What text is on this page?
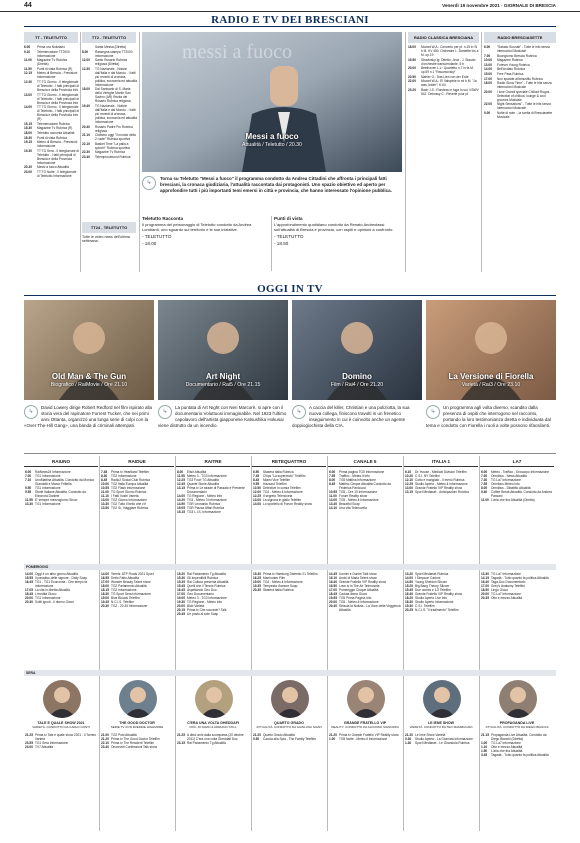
44	Venerdì 19 novembre 2021 · GIORNALE DI BRESCIA
RADIO E TV DEI BRESCIANI
TT - TELETUTTO	TT2 - TELETUTTO
6.00	Prima ora Notiziario
9.10	Telemercatone TT2000 Informazione
11.00	Magazine Tv Rubrica (Diretta)
11.50	Punti di vista Rubrica (R)
12.15	Meteo di Brescia - Previsioni Informazione
12.30	TT TG Giorno - Il telegiornale di Teletutto - I fatti principali di Brescia e della Provincia Info
13.00	TT TG Giorno - Il telegiornale di Teletutto - I fatti principali di Brescia e della Provincia Info
14.00	TT TG Giorno - Il telegiornale di Teletutto - I fatti principali di Brescia e della Provincia Info (R)
15.15	Telemercatone Rubrica
15.30	Magazine Tv Rubrica (R)
18.00	Teletutto racconta Attualità
18.30	Punti di vista Rubrica
19.15	Meteo di Brescia - Previsioni Informazione
19.30	TT TG Sera - Il telegiornale di Teletutto - I fatti principali di Brescia e della Provincia Informazione
20.30	Messi a fuoco Attualità
23.00	TT TG Notte - Il telegiornale di Teletutto Informazione
Santa Messa (Diretta)
8.00	Rassegna stampa TT2000 Informazione
12.00	Santo Rosario Rubrica religiosa (Diretta)
12.30	TG Nazionale - Notizie dall'Italia e dal Mondo - I fatti più recenti di cronaca, politica, economia ed attualità Informazione
18.00	Dal Santuario di S. Maria della Vertighe Monte San Savino (AR) Recita del Rosario Rubrica religiosa
19.40	TG Nazionale - Notizie dall'Italia e dal Mondo - I fatti più recenti di cronaca, politica, economia ed attualità Informazione
20.40	Rosario Padre Pio Rubrica religiosa
21.10	Ciclismo oggi "Il mondo della 2 ruote" Rubrica sportiva
22.10	Basket Time "La palla a spicchi" Rubrica sportiva
22.30	Magazine Tv Rubrica
23.40	Telempruuimood Rubrica
TT24 - TELETUTTO
Tutte le video news dell'ultima settimana.
messi a fuoco
Messi a fuoco
Attualità / Teletutto / 20.30
↳
Torna su Teletutto "Messi a fuoco" il programma condotto da Andrea Cittadini che affronta i principali fatti bresciani, la cronaca giudiziaria, l'attualità raccontata dai protagonisti. Uno spazio obiettivo ed aperto per approfondire tutti i più importanti temi emersi in città e provincia, che hanno interessato l'opinione pubblica.
Teletutto Racconta
Il programma del personaggio di Teletutto condotto da Andrea Lombardi, uno sguardo sul territorio e le sue iniziative.
- TELETUTTO
- 18.00
Punti di vista
L'approfondimento quotidiano condotto da Renato Andreolassi sull'attualità di Brescia e provincia, con ospiti e opinioni a confronto.
- TELETUTTO
- 18.50
RADIO CLASSICA BRESCIANA	RADIO BRESCIASETTE
18.00	Mozart W.A.: Concerto per pf. n.15 in Si b M. KV 450. Orchestre L. Dantette ins a M. op.19
19.50	Stravinsky Ig: Ottetto; Jeux - J. Staudo d'orchestre transcendante, 5 tr
20.00	Beethoven L.v.: Quartetto n.7 in fa M. op.59 n.1 "Rasumovsky"
20.50	Mahler G.: Das Lied von der Erde
22.00	Mozart W.A.: El Valspiele in mi b M. "Ja was, leider"; K.64
23.20	Bach J.S.: Rondeau e fuga in sol, il BWV 542. Debussy C.: Reverie pour pf.
6.00	"Sabato Suonati" - Tutte le info senza interruzioni Musicale
7.00	Buongiorno Brescia Rubrica
10.00	Magazine Rubrica
13.00	Forever Young Rubrica
14.00	Bell'Andato Rubrica
15.00	Free Pass Rubrica
17.00	Non sparate all'amusfilo Rubrica
18.00	Radio Show Time" - Tutte le hits senza interruzioni Musicale
20.00	I love Grandi speciale Chillout Rugos - Selection of chillout, lounge & cool grooves Musicale
22.00	Night Sensations" - Tutte le hits senza interruzioni Musicale
0.00	Notte di note... la scelta di Bresciasette Musicale
OGGI IN TV
Old Man & The Gun
Biografico / RaiMovie / Ore 21.10
↳
David Lowery dirige Robert Redford nel film ispirato alla storia vera del rapinatore Forrest Tucker, che nei primi anni Ottanta, organizzò una lunga serie di colpi con la «Over The-Hill Gang», una banda di criminali attempati.
Art Night
Documentario / Rai5 / Ore 21.15
↳
La puntata di Art Night con Neri Marcorè, si apre con il documentario Voluttuosi immaginabile. Nel 1923 l'ultimo capolavoro dell'artista giapponese Katsushika Hokusai viene distrutto da un incendio.
Domino
Film / Rai4 / Ore 21.20
↳
A caccia del killer, Christian e una poliziotta, la sua nuova collega, finiscono travolti in un frenetico inseguimento in cui è coinvolto anche un agente doppiogiochista della CIA.
La Versione di Fiorella
Varietà / Rai3 / Ore 23.10
↳
Un programma agli volta diverso, scandito dalla presenza di ospiti che interrogono nel racconto, portando la loro testimonianza diretta e individuata dal tema e condotto con Fiorella i ruoli a volte possono rifacsilanti.
RAIUNO	RAIDUE	RAITRE	RETEQUATTRO	CANALE 5	ITALIA 1	LA7
6.00	RaiNews24 Informazione
7.00	TG1 Informazione
7.10	UnoMattina Attualità. Condotto da Monica Giandotti e Marco Frittella
9.50	TG1 Informazione
9.55	Storie Italiane Attualità. Condotto da Eleonora Daniele
11.55 E' sempre mezzogiorno Show
13.30 TG1 Informazione
7.45	Prima tv Heartland Telefilm
8.30	TG2 Informazione
8.45	Radio2 Social Club Rubrica
10.00 TG2 Italia Europa Attualità
10.55 TG2 Flash Informazione
11.00 TG Sport Giorno Rubrica
11.10 I Fatti Vostri Varietà
13.00 TG2 Giorno Informazione
13.30 TG2 Tutto il bello che c'è
13.50 TG2 Sì, Viaggiare Rubrica
8.00	Elisir Attualità
11.55 Meteo 3 - TG3 Informazione
12.25 TG3 Fuori TG Attualità
12.45 Quante Storie Attualità
13.15 Prima tv Le strade di Passato e Presente Documentario
14.00 TG Regione - Meteo Info
14.20 TG3 - Meteo 3 Informazione
14.50 TGR Leonardo Rubrica
15.05 TGR Piazza Affari Rubrica
15.15 TG3 L.I.S. Informazione
6.50	Stasera Italia Rubrica
7.45	Chips "La supermoto" Telefilm
8.45	Miami Vice Telefilm
9.55	Hazzard Telefilm
10.50 Detective in corsia Telefilm
12.00 TG4 - Meteo.it Informazione
12.25 Il segreto Telenovela
13.00 La signora in giallo Telefilm
14.00 Lo sportello di Forum Reality show
6.00	Prima pagina TG5 Informazione
7.55	Traffico - Meteo.it Info
8.00	TG5 Mattina Informazione
8.45	Mattino Cinque Attualità Condotto da Federica Panicucci
10.55 TG5 - Ore 10 Informazione
11.00 Forum Reality show
13.00 TG5 - Meteo.it Informazione
13.40 Beautiful Soap
14.10 Una vita Telenovela
6.10	Dr. House - Medical Division Telefilm
10.20 C.S.I. NY Telefilm
12.10 Cotto e mangiato - Il menù Rubrica
12.25 Studio Aperto - Meteo.it Informazione
13.00 Grande Fratello VIP Reality show
13.15 Sport Mediaset - Anticipazioni Rubrica
6.00	Meteo - Traffico - Oroscopo Informazione
7.00	Omnibus - News Attualità
7.30	TG La7 Informazione
7.55	Omnibus Meteo Info
8.00	Omnibus - Dibattito Attualità
9.40	Coffee Break Attualità. Condotto da Andrea Pancani
11.00 L'aria che tira Attualità (Diretta)
POMERIGGIO
14.00 Oggi è un altro giorno Attualità
15.55 Il paradiso delle signore - Daily Soap
16.45 TG1 - TG1 Economia - Che tempo fa Informazione
17.05 La vita in diretta Attualità
18.45 L'eredità Gioco
20.00 TG1 Informazione
20.30 Soliti ignoti - Il ritorno Gioco
14.00 Tennis. ATP Finals 2021 Sport
16.55 Detto Fatto Attualità
17.00 Wonder Beauty Talent show
18.00 TG2 Parlamento Attualità
18.15 TG2 Informazione
18.30 TG Sport Sera Informazione
19.00 Blue Bloods Telefilm
19.45 N.C.I.S. Telefilm
20.30 TG2 - 20.30 Informazione
15.20 Rai Parlamento Tg Attualità
15.30 Gli imperdibili Rubrica
15.35 Rai Cultura presenta Attualità
15.45 Quelli che il Tennis Rubrica
16.45 Aspettando Geo Doc.
17.00 Geo Documentario
19.00 Meteo 3 - TG3 Informazione
19.30 TG Regione - Meteo Info
20.00 Blob Varietà
20.15 Prima tv Che succede? Talk
20.45 Un posto al sole Soap
15.30 Prima tv Hamburg Distretto 21 Telefilm
16.25 Manhunter Film
19.00 TG4 - Meteo.it Informazione
19.35 Tempesta d'amore Soap
20.30 Stasera Italia Rubrica
14.45 Uomini e Donne Talk show
16.10 Amici di Maria Talent show
16.40 Grande Fratello VIP Reality show
16.50 Love is in The Air Telenovela
17.00 Pomeriggio Cinque Attualità
18.45 Caduta libera Gioco
19.55 TG5 Prima Pagina Info
20.00 TG5 - Meteo.it Informazione
20.40 Striscia la Notizia - La Voce della Veggenza Attualità
13.20 Sport Mediaset Rubrica
14.00 I Simpson Cartoni
14.50 Young Sheldon Sitcom
15.20 Big Bang Theory Sitcom
15.45 Due uomini e 1/2 Telefilm
16.40 Grande Fratello VIP Reality show
18.20 Studio Aperto Live Info
18.30 Studio Aperto Informazione
19.30 C.S.I. Telefilm
20.25 N.C.I.S. "Il tradimento" Telefilm
13.30 TG La7 Informazione
14.15 Tagadà - Tutto quanto fa politica Attualità
16.40 Taga-Doc Documentario
17.00 Grey's Anatomy Telefilm
18.50 Lingo Gioco
20.00 TG La7 Informazione
20.35 Otto e mezzo Attualità
SERA
TALE E QUALE SHOW 2021
VARIETÀ. CONDOTTO DA CARLO CONTI
THE GOOD DOCTOR
SERIE TV CON FREDDIE HIGHMORE
C'ERA UNA VOLTA GHEDDAFI
DOC. DI DAVID & ADRIANO STILL
QUARTO GRADO
ATTUALITÀ. CONDOTTO DA GIANLUIGI NUZZI
GRANDE FRATELLO VIP
REALITY. CONDOTTO DA ALFONSO SIGNORINI
LE IENE SHOW
VARIETÀ. CONDOTTO DA TEO MAMMUCARI
PROPAGANDA LIVE
ATTUALITÀ. CONDOTTO DA DIEGO BIANCHI
21.25 Prima tv Tale e quale show 2021 - Il Torneo Varietà
23.55 TG1 Sera Informazione
24.00 TV7 Attualità
21.00 TG2 Post Attualità
21.20 Prima tv The Good Doctor Telefilm
22.10 Prima tv The Resident Telefilm
23.40 Onorevoli Confessioni Talk show
21.25 A dieci anni dalla scomparsa (20 ottobre 2011) C'era una volta Gheddafi Doc.
23.15 Rai Parlamento Tg Attualità
21.20 Quarto Grado Attualità
0.50	Caccia alla Spia - The Family Telefilm
21.20 Prima tv Grande Fratello VIP Reality show
1.00	TG5 Notte - Meteo.it Informazione
21.20 Le Iene Show Varietà
0.30	Studio Aperto - La Giornata Informazione
1.40	Sport Mediaset - Le Girandola Rubrica
21.15 Propaganda Live Attualità. Condotto da Diego Bianchi (Diretta)
1.00	TG La7 Informazione
1.10	Otto e mezzo Attualità
1.50	L'aria che tira Attualità
3.45	Tagadà - Tutto quanto fa politica Attualità
